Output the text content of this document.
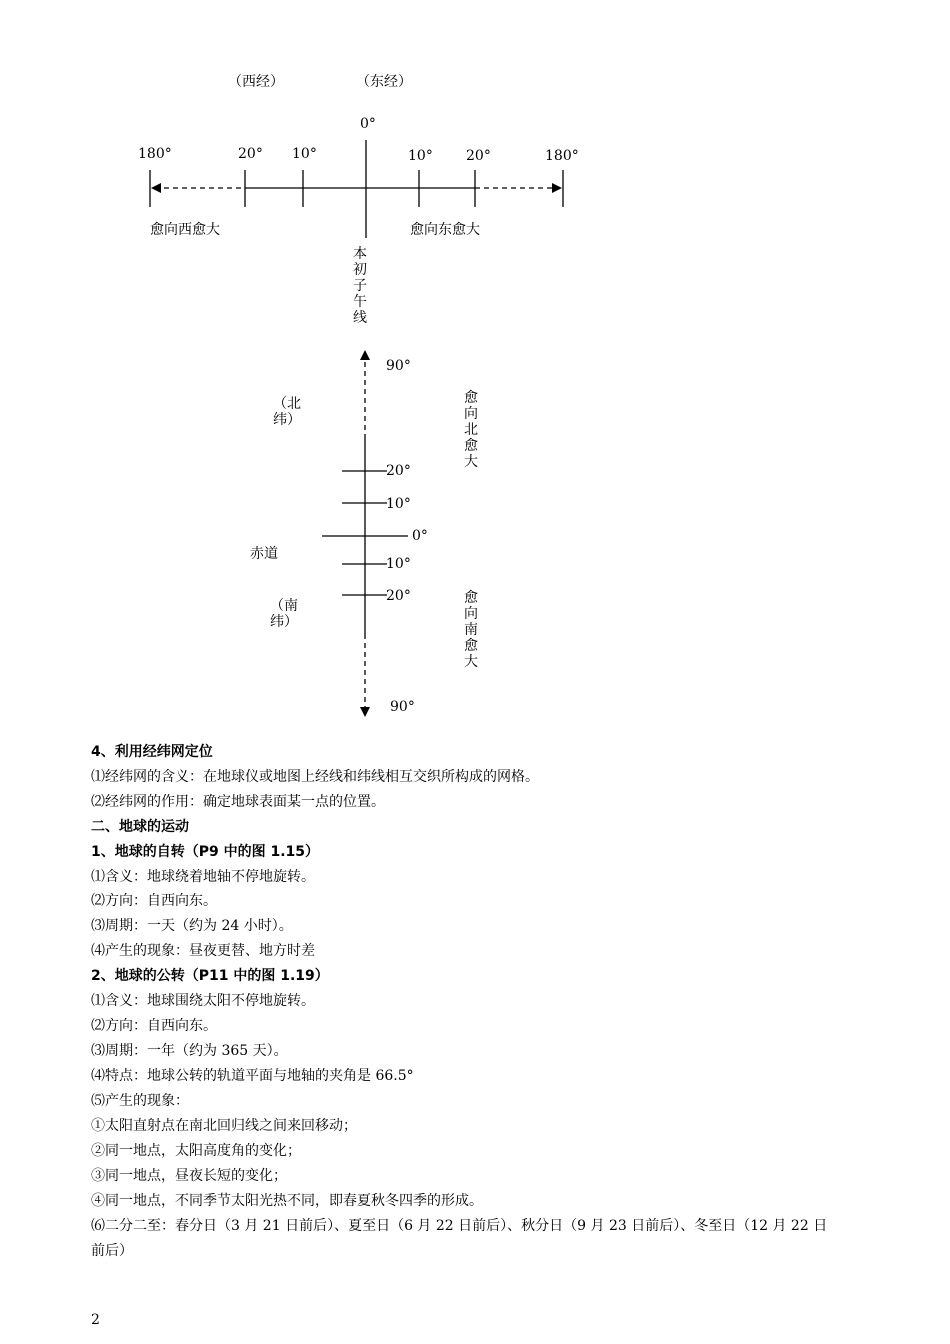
（西经）	（东经）
0°
180°	20° 10°	10° 20°	180°
愈向西愈大	愈向东愈大
本初子午线
90°
（北纬）
愈向北愈大
20°
10°
0°
赤道
10°
20°
（南纬）
愈向南愈大
90°
4、利用经纬网定位
⑴经纬网的含义：在地球仪或地图上经线和纬线相互交织所构成的网格。
⑵经纬网的作用：确定地球表面某一点的位置。
二、地球的运动
1、地球的自转（P9 中的图 1.15）
⑴含义：地球绕着地轴不停地旋转。
⑵方向：自西向东。
⑶周期：一天（约为 24 小时）。
⑷产生的现象：昼夜更替、地方时差
2、地球的公转（P11 中的图 1.19）
⑴含义：地球围绕太阳不停地旋转。
⑵方向：自西向东。
⑶周期：一年（约为 365 天）。
⑷特点：地球公转的轨道平面与地轴的夹角是 66.5°
⑸产生的现象：
①太阳直射点在南北回归线之间来回移动；
②同一地点，太阳高度角的变化；
③同一地点，昼夜长短的变化；
④同一地点，不同季节太阳光热不同，即春夏秋冬四季的形成。
⑹二分二至：春分日（3 月 21 日前后）、夏至日（6 月 22 日前后）、秋分日（9 月 23 日前后）、冬至日（12 月 22 日
前后）
2
